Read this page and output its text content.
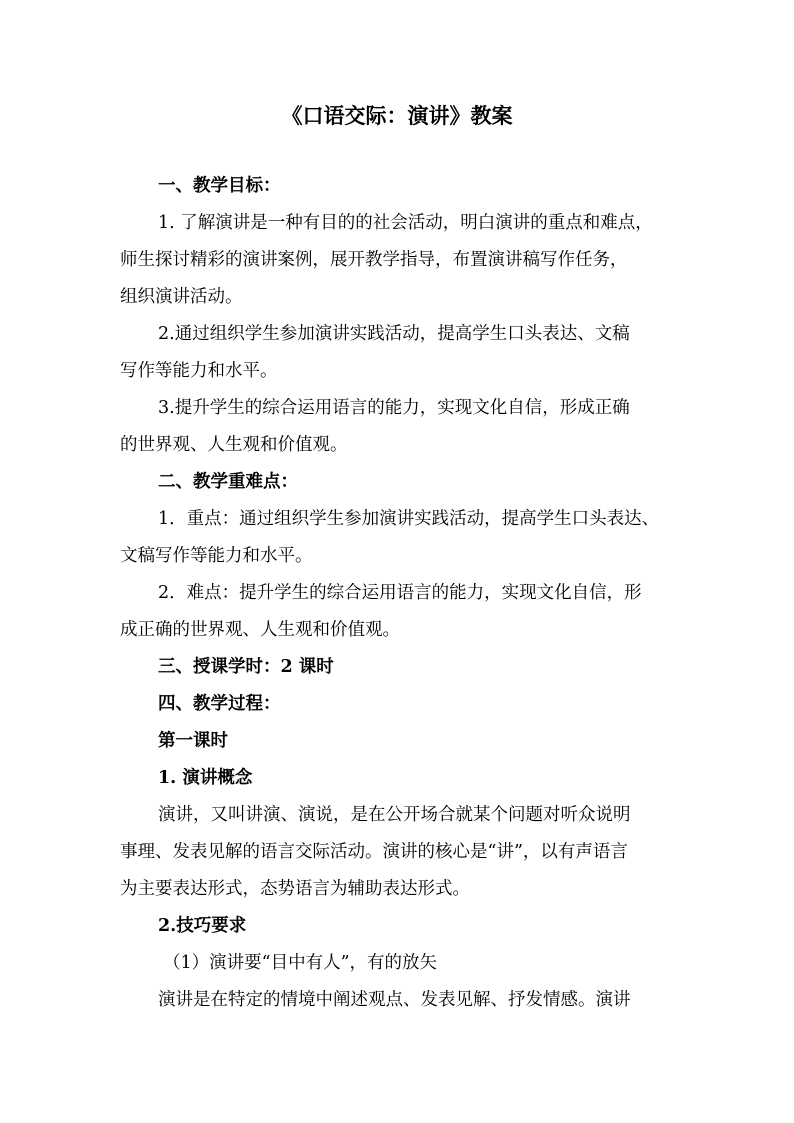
《口语交际：演讲》教案
一、教学目标：
1. 了解演讲是一种有目的的社会活动，明白演讲的重点和难点，
师生探讨精彩的演讲案例，展开教学指导，布置演讲稿写作任务，
组织演讲活动。
2.通过组织学生参加演讲实践活动，提高学生口头表达、文稿
写作等能力和水平。
3.提升学生的综合运用语言的能力，实现文化自信，形成正确
的世界观、人生观和价值观。
二、教学重难点：
1．重点：通过组织学生参加演讲实践活动，提高学生口头表达、
文稿写作等能力和水平。
2．难点：提升学生的综合运用语言的能力，实现文化自信，形
成正确的世界观、人生观和价值观。
三、授课学时：2 课时
四、教学过程：
第一课时
1. 演讲概念
演讲，又叫讲演、演说，是在公开场合就某个问题对听众说明
事理、发表见解的语言交际活动。演讲的核心是“讲”，以有声语言
为主要表达形式，态势语言为辅助表达形式。
2.技巧要求
（1）演讲要“目中有人”，有的放矢
演讲是在特定的情境中阐述观点、发表见解、抒发情感。演讲
